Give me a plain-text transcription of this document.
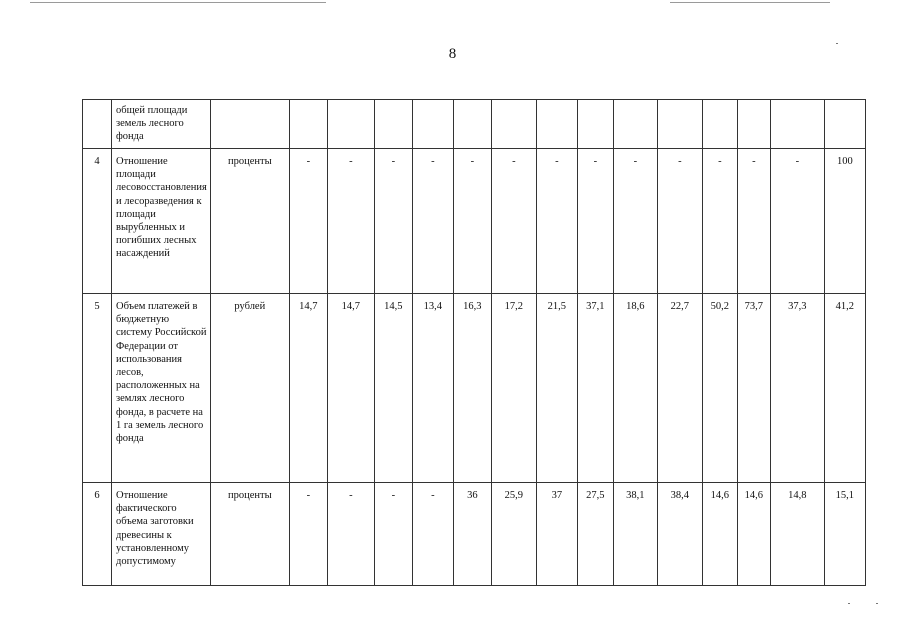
8
	общей площади земель лесного фонда															
4	Отношение площади лесовосстановления и лесоразведения к площади вырубленных и погибших лесных насаждений	проценты	-	-	-	-	-	-	-	-	-	-	-	-	-	100
5	Объем платежей в бюджетную систему Российской Федерации от использования лесов, расположенных на землях лесного фонда, в расчете на 1 га земель лесного фонда	рублей	14,7	14,7	14,5	13,4	16,3	17,2	21,5	37,1	18,6	22,7	50,2	73,7	37,3	41,2
6	Отношение фактического объема заготовки древесины к установленному допустимому	проценты	-	-	-	-	36	25,9	37	27,5	38,1	38,4	14,6	14,6	14,8	15,1
